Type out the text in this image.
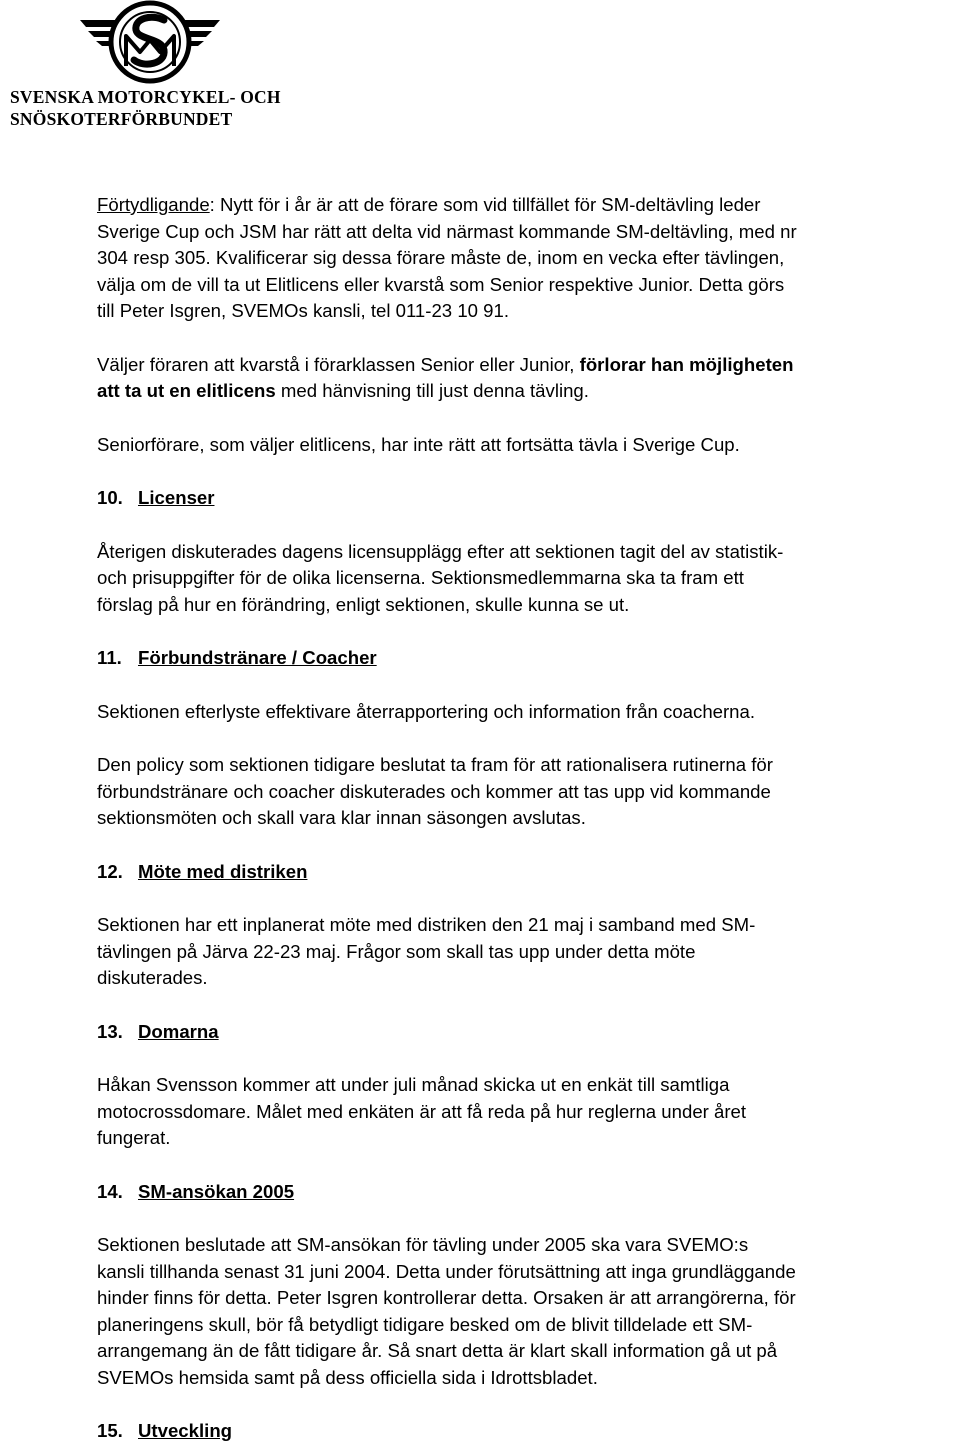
SVENSKA MOTORCYKEL- OCH
SNÖSKOTERFÖRBUNDET

Förtydligande: Nytt för i år är att de förare som vid tillfället för SM-deltävling leder
Sverige Cup och JSM har rätt att delta vid närmast kommande SM-deltävling, med nr
304 resp 305. Kvalificerar sig dessa förare måste de, inom en vecka efter tävlingen,
välja om de vill ta ut Elitlicens eller kvarstå som Senior respektive Junior. Detta görs
till Peter Isgren, SVEMOs kansli, tel 011-23 10 91.

Väljer föraren att kvarstå i förarklassen Senior eller Junior, förlorar han möjligheten
att ta ut en elitlicens med hänvisning till just denna tävling.

Seniorförare, som väljer elitlicens, har inte rätt att fortsätta tävla i Sverige Cup.

10. Licenser

Återigen diskuterades dagens licensupplägg efter att sektionen tagit del av statistik-
och prisuppgifter för de olika licenserna. Sektionsmedlemmarna ska ta fram ett
förslag på hur en förändring, enligt sektionen, skulle kunna se ut.

11. Förbundstränare / Coacher

Sektionen efterlyste effektivare återrapportering och information från coacherna.

Den policy som sektionen tidigare beslutat ta fram för att rationalisera rutinerna för
förbundstränare och coacher diskuterades och kommer att tas upp vid kommande
sektionsmöten och skall vara klar innan säsongen avslutas.

12. Möte med distriken

Sektionen har ett inplanerat möte med distriken den 21 maj i samband med SM-
tävlingen på Järva 22-23 maj. Frågor som skall tas upp under detta möte
diskuterades.

13. Domarna

Håkan Svensson kommer att under juli månad skicka ut en enkät till samtliga
motocrossdomare. Målet med enkäten är att få reda på hur reglerna under året
fungerat.

14. SM-ansökan 2005

Sektionen beslutade att SM-ansökan för tävling under 2005 ska vara SVEMO:s
kansli tillhanda senast 31 juni 2004. Detta under förutsättning att inga grundläggande
hinder finns för detta. Peter Isgren kontrollerar detta. Orsaken är att arrangörerna, för
planeringens skull, bör få betydligt tidigare besked om de blivit tilldelade ett SM-
arrangemang än de fått tidigare år. Så snart detta är klart skall information gå ut på
SVEMOs hemsida samt på dess officiella sida i Idrottsbladet.

15. Utveckling
